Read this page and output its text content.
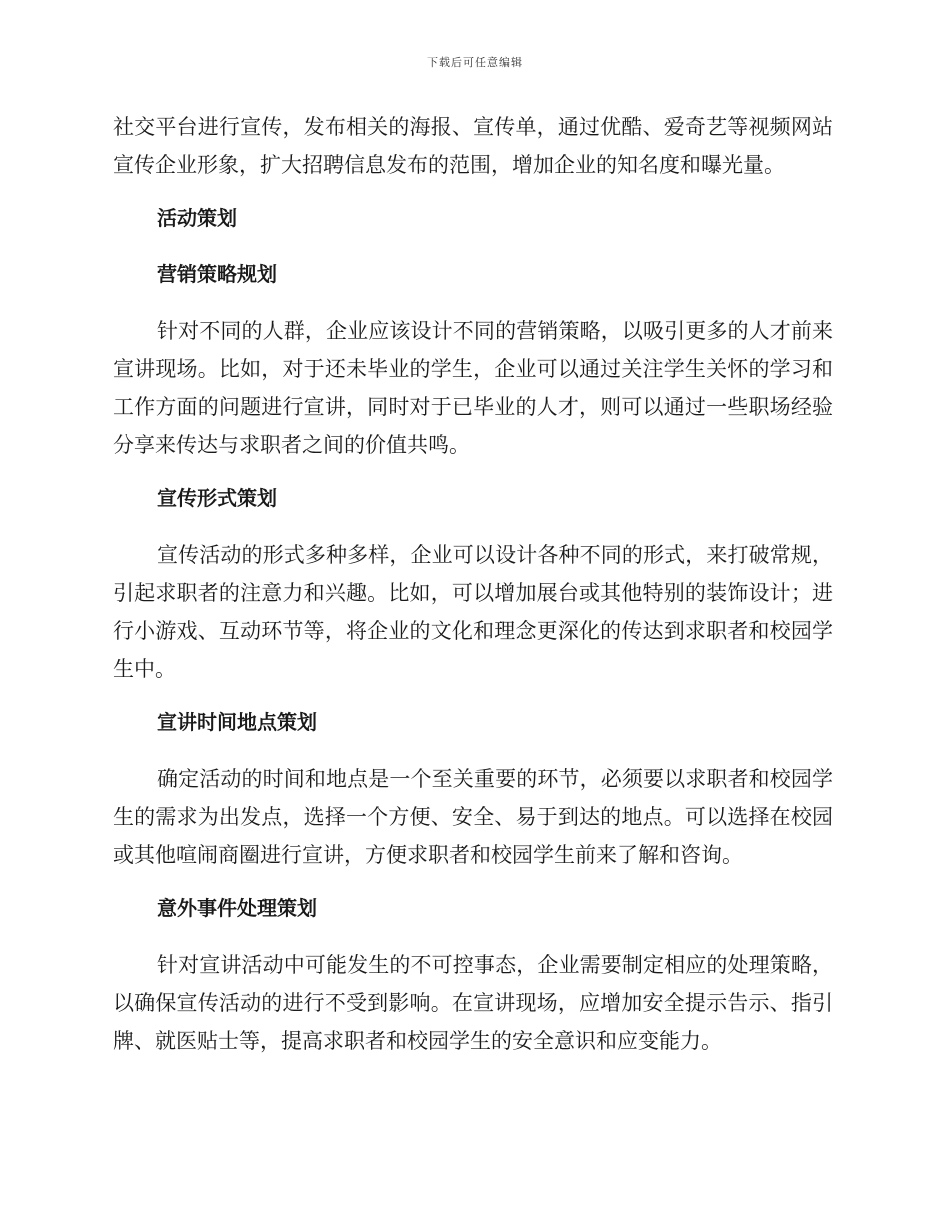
下载后可任意编辑

社交平台进行宣传，发布相关的海报、宣传单，通过优酷、爱奇艺等视频网站宣传企业形象，扩大招聘信息发布的范围，增加企业的知名度和曝光量。

活动策划
营销策略规划

针对不同的人群，企业应该设计不同的营销策略，以吸引更多的人才前来宣讲现场。比如，对于还未毕业的学生，企业可以通过关注学生关怀的学习和工作方面的问题进行宣讲，同时对于已毕业的人才，则可以通过一些职场经验分享来传达与求职者之间的价值共鸣。

宣传形式策划

宣传活动的形式多种多样，企业可以设计各种不同的形式，来打破常规，引起求职者的注意力和兴趣。比如，可以增加展台或其他特别的装饰设计；进行小游戏、互动环节等，将企业的文化和理念更深化的传达到求职者和校园学生中。

宣讲时间地点策划

确定活动的时间和地点是一个至关重要的环节，必须要以求职者和校园学生的需求为出发点，选择一个方便、安全、易于到达的地点。可以选择在校园或其他喧闹商圈进行宣讲，方便求职者和校园学生前来了解和咨询。

意外事件处理策划

针对宣讲活动中可能发生的不可控事态，企业需要制定相应的处理策略，以确保宣传活动的进行不受到影响。在宣讲现场，应增加安全提示告示、指引牌、就医贴士等，提高求职者和校园学生的安全意识和应变能力。
